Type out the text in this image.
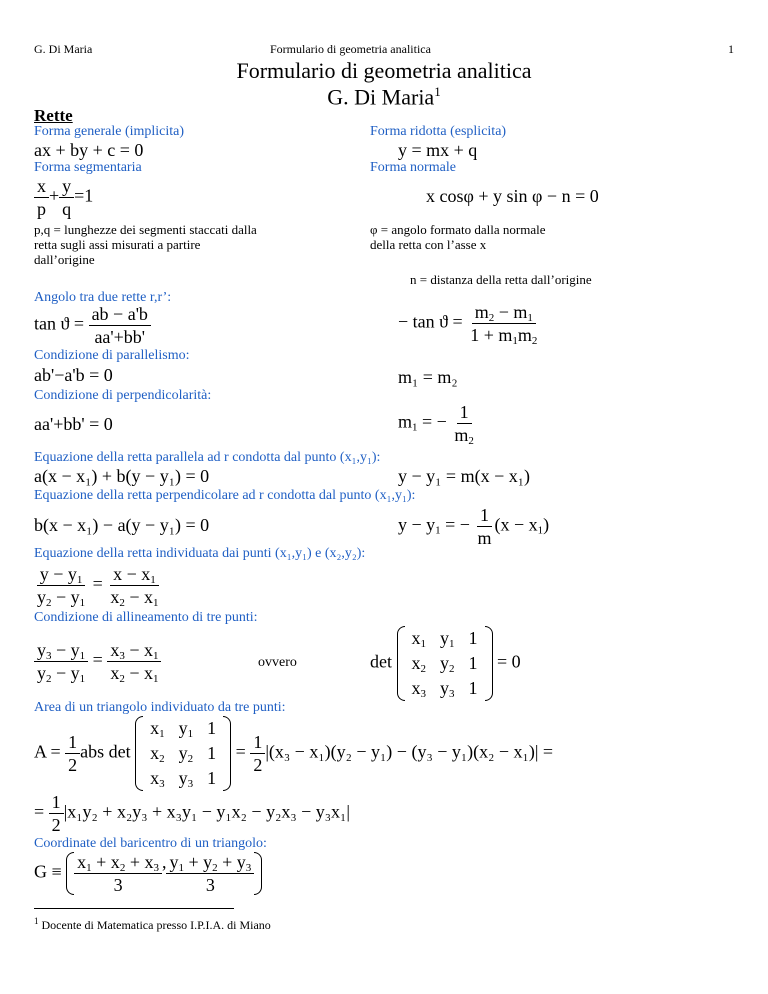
G. Di Maria	Formulario di geometria analitica	1
Formulario di geometria analitica
G. Di Maria$^1$
Rette
Forma generale (implicita)	Forma ridotta (esplicita)
ax + by + c = 0	y = mx + q
Forma segmentaria	Forma normale
$\frac{x}{p} + \frac{y}{q} =1$	x cosφ + y sin φ − n = 0
p,q = lunghezze dei segmenti staccati dalla retta sugli assi misurati a partire dall’origine
φ = angolo formato dalla normale della retta con l’asse x
n = distanza della retta dall’origine
Angolo tra due rette r,r’:
$\tan ϑ = \frac{ab - a'b}{aa'+bb'}$	− $\tan ϑ = \frac{m_2 - m_1}{1 + m_1m_2}$
Condizione di parallelismo:
ab'−a'b = 0	m₁ = m₂
Condizione di perpendicolarità:
aa'+bb' = 0	$m_1$ = − $\frac{1}{m_2}$
Equazione della retta parallela ad r condotta dal punto (x₁,y₁):
a(x − x₁) + b(y − y₁) = 0	y − y₁ = m(x − x₁)
Equazione della retta perpendicolare ad r condotta dal punto (x₁,y₁):
b(x − x₁) − a(y − y₁) = 0	$y - y_1$ = − $\frac{1}{m} (x - x_1)$
Equazione della retta individuata dai punti (x₁,y₁) e (x₂,y₂):
$\frac{y - y_1}{y_2 - y_1} = \frac{x - x_1}{x_2 - x_1}$
Condizione di allineamento di tre punti:
$\frac{y_3 - y_1}{y_2 - y_1} = \frac{x_3 - x_1}{x_2 - x_1}$	ovvero	det
$x_1$	$y_1$	1
$x_2$	$y_2$	1
$x_3$	$y_3$	1
= 0
Area di un triangolo individuato da tre punti:
$A = \frac{1}{2}$ abs det
$x_1$	$y_1$	1
$x_2$	$y_2$	1
$x_3$	$y_3$	1
= $\frac{1}{2} |(x_3 - x_1)(y_2 - y_1) - (y_3 - y_1)(x_2 - x_1)|$ =
= $\frac{1}{2} |x_1y_2 + x_2y_3 + x_3y_1 - y_1x_2 - y_2x_3 - y_3x_1|$
Coordinate del baricentro di un triangolo:
$G \equiv \frac{x_1 + x_2 + x_3}{3}$ , $\frac{y_1 + y_2 + y_3}{3}$
$^1$ Docente di Matematica presso I.P.I.A. di Miano
